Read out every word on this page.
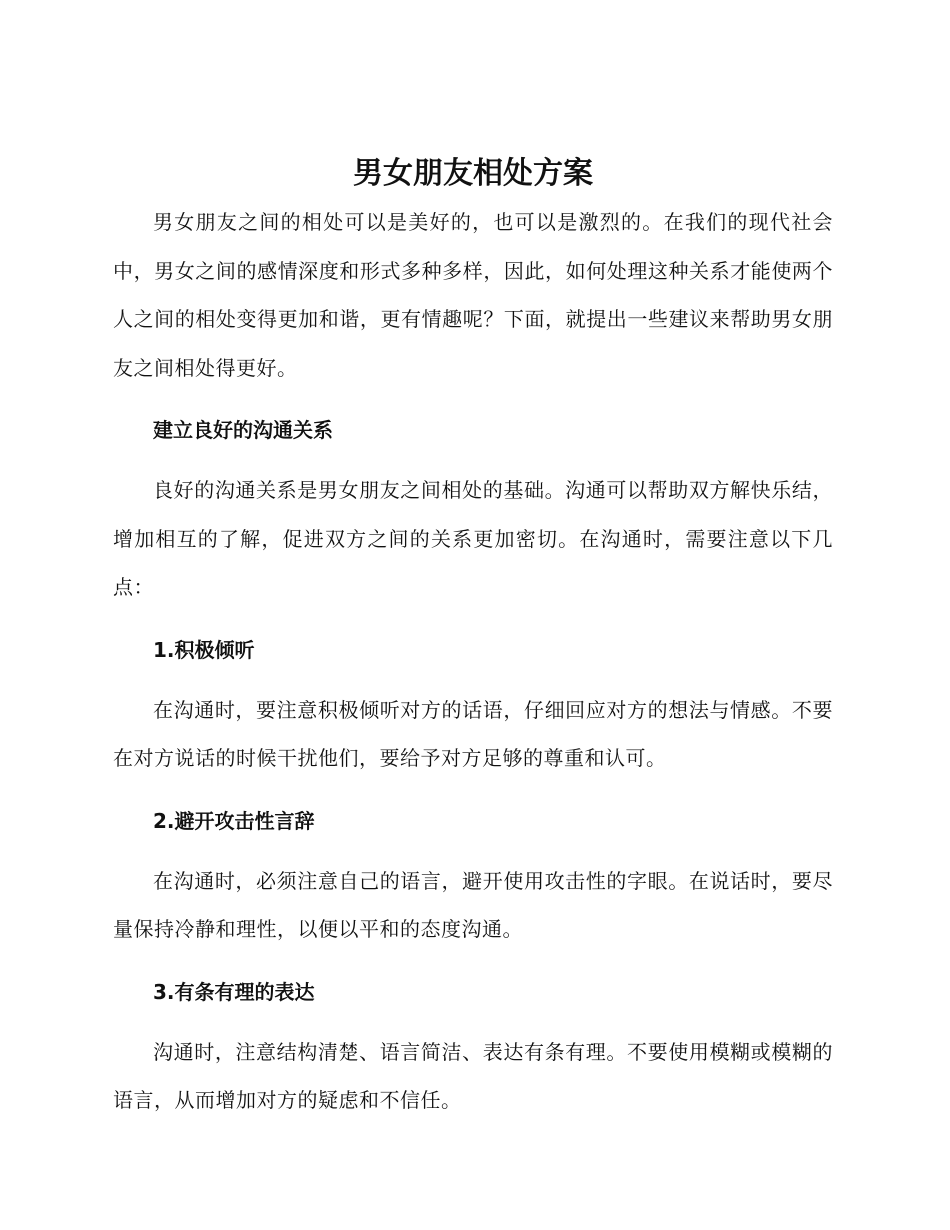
男女朋友相处方案

男女朋友之间的相处可以是美好的，也可以是激烈的。在我们的现代社会中，男女之间的感情深度和形式多种多样，因此，如何处理这种关系才能使两个人之间的相处变得更加和谐，更有情趣呢？下面，就提出一些建议来帮助男女朋友之间相处得更好。

建立良好的沟通关系

良好的沟通关系是男女朋友之间相处的基础。沟通可以帮助双方解快乐结，增加相互的了解，促进双方之间的关系更加密切。在沟通时，需要注意以下几点：

1.积极倾听

在沟通时，要注意积极倾听对方的话语，仔细回应对方的想法与情感。不要在对方说话的时候干扰他们，要给予对方足够的尊重和认可。

2.避开攻击性言辞

在沟通时，必须注意自己的语言，避开使用攻击性的字眼。在说话时，要尽量保持冷静和理性，以便以平和的态度沟通。

3.有条有理的表达

沟通时，注意结构清楚、语言简洁、表达有条有理。不要使用模糊或模糊的语言，从而增加对方的疑虑和不信任。
